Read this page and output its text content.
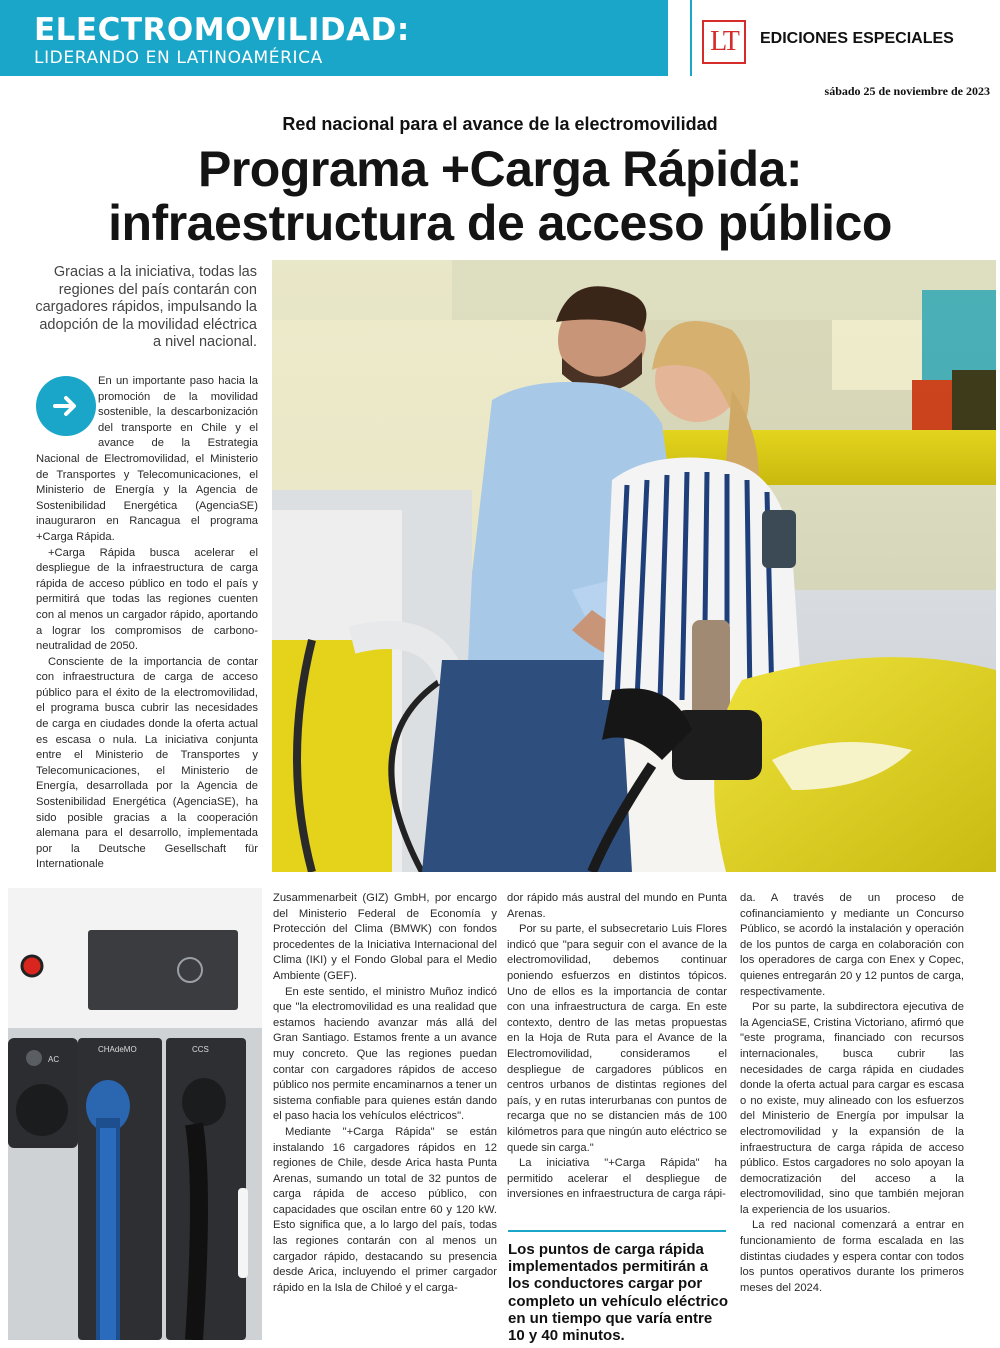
ELECTROMOVILIDAD:
LIDERANDO EN LATINOAMÉRICA
LT	EDICIONES ESPECIALES
sábado 25 de noviembre de 2023
Red nacional para el avance de la electromovilidad
Programa +Carga Rápida:
infraestructura de acceso público
Gracias a la iniciativa, todas las regiones del país contarán con cargadores rápidos, impulsando la adopción de la movilidad eléctrica a nivel nacional.
AC
CHAdeMO	CCS

En un importante paso hacia la promoción de la movilidad sostenible, la descarbonización del transporte en Chile y el avance de la Estrategia Nacional de Electromovilidad, el Ministerio de Transportes y Telecomunicaciones, el Ministerio de Energía y la Agencia de Sostenibilidad Energética (AgenciaSE) inauguraron en Rancagua el programa +Carga Rápida.

+Carga Rápida busca acelerar el despliegue de la infraestructura de carga rápida de acceso público en todo el país y permitirá que todas las regiones cuenten con al menos un cargador rápido, aportando a lograr los compromisos de carbono-neutralidad de 2050.

Consciente de la importancia de contar con infraestructura de carga de acceso público para el éxito de la electromovilidad, el programa busca cubrir las necesidades de carga en ciudades donde la oferta actual es escasa o nula. La iniciativa conjunta entre el Ministerio de Transportes y Telecomunicaciones, el Ministerio de Energía, desarrollada por la Agencia de Sostenibilidad Energética (AgenciaSE), ha sido posible gracias a la cooperación alemana para el desarrollo, implementada por la Deutsche Gesellschaft für Internationale

Zusammenarbeit (GIZ) GmbH, por encargo del Ministerio Federal de Economía y Protección del Clima (BMWK) con fondos procedentes de la Iniciativa Internacional del Clima (IKI) y el Fondo Global para el Medio Ambiente (GEF).

En este sentido, el ministro Muñoz indicó que "la electromovilidad es una realidad que estamos haciendo avanzar más allá del Gran Santiago. Estamos frente a un avance muy concreto. Que las regiones puedan contar con cargadores rápidos de acceso público nos permite encaminarnos a tener un sistema confiable para quienes están dando el paso hacia los vehículos eléctricos".

Mediante "+Carga Rápida" se están instalando 16 cargadores rápidos en 12 regiones de Chile, desde Arica hasta Punta Arenas, sumando un total de 32 puntos de carga rápida de acceso público, con capacidades que oscilan entre 60 y 120 kW. Esto significa que, a lo largo del país, todas las regiones contarán con al menos un cargador rápido, destacando su presencia desde Arica, incluyendo el primer cargador rápido en la Isla de Chiloé y el carga-

dor rápido más austral del mundo en Punta Arenas.

Por su parte, el subsecretario Luis Flores indicó que "para seguir con el avance de la electromovilidad, debemos continuar poniendo esfuerzos en distintos tópicos. Uno de ellos es la importancia de contar con una infraestructura de carga. En este contexto, dentro de las metas propuestas en la Hoja de Ruta para el Avance de la Electromovilidad, consideramos el despliegue de cargadores públicos en centros urbanos de distintas regiones del país, y en rutas interurbanas con puntos de recarga que no se distancien más de 100 kilómetros para que ningún auto eléctrico se quede sin carga."

La iniciativa "+Carga Rápida" ha permitido acelerar el despliegue de inversiones en infraestructura de carga rápi-

Los puntos de carga rápida implementados permitirán a los conductores cargar por completo un vehículo eléctrico en un tiempo que varía entre 10 y 40 minutos.

da. A través de un proceso de cofinanciamiento y mediante un Concurso Público, se acordó la instalación y operación de los puntos de carga en colaboración con los operadores de carga con Enex y Copec, quienes entregarán 20 y 12 puntos de carga, respectivamente.

Por su parte, la subdirectora ejecutiva de la AgenciaSE, Cristina Victoriano, afirmó que "este programa, financiado con recursos internacionales, busca cubrir las necesidades de carga rápida en ciudades donde la oferta actual para cargar es escasa o no existe, muy alineado con los esfuerzos del Ministerio de Energía por impulsar la electromovilidad y la expansión de la infraestructura de carga rápida de acceso público. Estos cargadores no solo apoyan la democratización del acceso a la electromovilidad, sino que también mejoran la experiencia de los usuarios.

La red nacional comenzará a entrar en funcionamiento de forma escalada en las distintas ciudades y espera contar con todos los puntos operativos durante los primeros meses del 2024.
